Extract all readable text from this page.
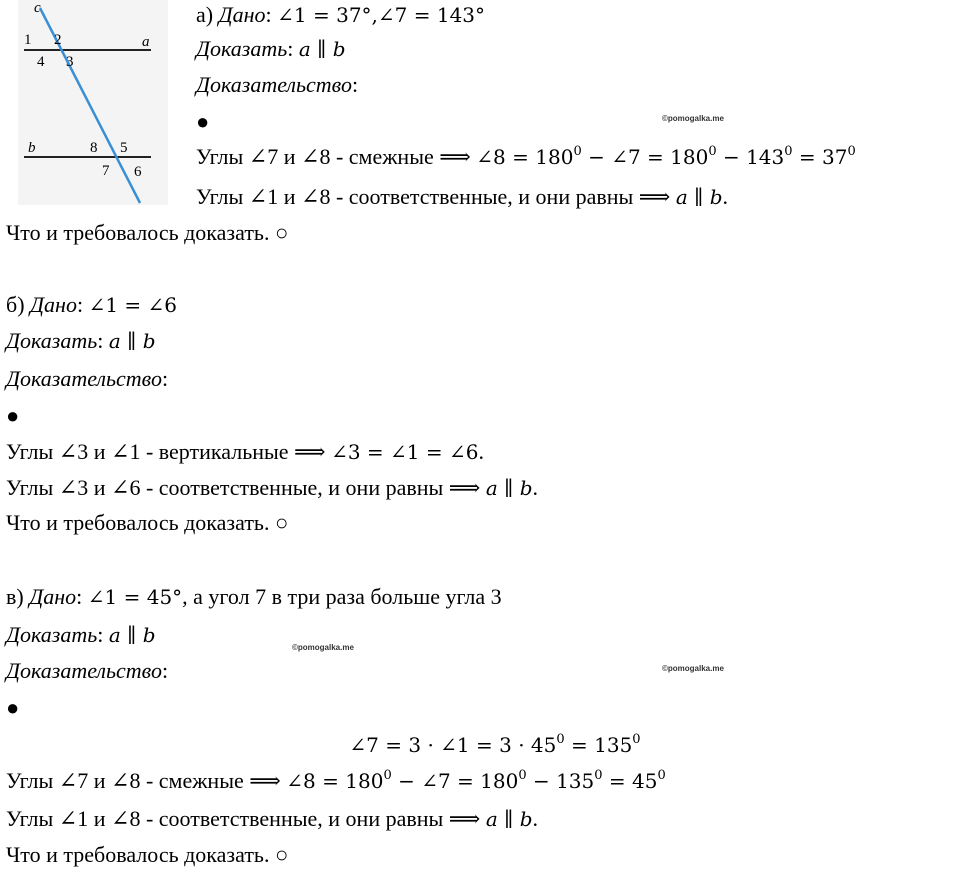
c
a
b
1 2
3
4
5
6
7
8
©pomogalka.me
©pomogalka.me
©pomogalka.me
а) Дано: ∠1 = 37°,∠7 = 143°
Доказать: a ∥ b
Доказательство:
●
Углы ∠7 и ∠8 - смежные ⟹ ∠8 = $180^0$ − ∠7 = $180^0 - 143^0 = 37^0$
Углы ∠1 и ∠8 - соответственные, и они равны ⟹ a ∥ b.
Что и требовалось доказать. ○
б) Дано: ∠1 = ∠6
Доказать: a ∥ b
Доказательство:
●
Углы ∠3 и ∠1 - вертикальные ⟹ ∠3 = ∠1 = ∠6.
Углы ∠3 и ∠6 - соответственные, и они равны ⟹ a ∥ b.
Что и требовалось доказать. ○
в) Дано: ∠1 = 45°, а угол 7 в три раза больше угла 3
Доказать: a ∥ b
Доказательство:
●
∠7 = 3 · ∠1 = $3 \cdot 45^0 = 135^0$
Углы ∠7 и ∠8 - смежные ⟹ ∠8 = $180^0$ − ∠7 = $180^0 - 135^0 = 45^0$
Углы ∠1 и ∠8 - соответственные, и они равны ⟹ a ∥ b.
Что и требовалось доказать. ○
